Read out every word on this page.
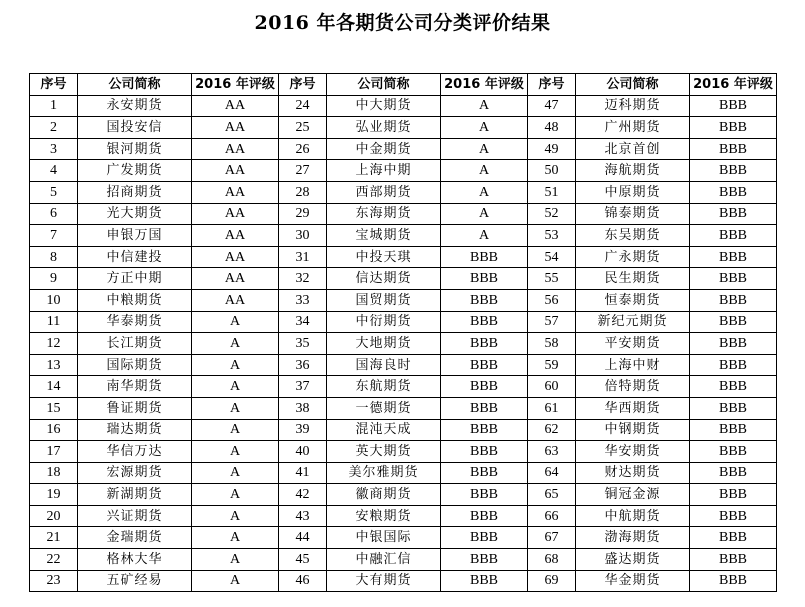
2016 年各期货公司分类评价结果
序号	公司简称	2016 年评级	序号	公司简称	2016 年评级	序号	公司简称	2016 年评级
1	永安期货	AA	24	中大期货	A	47	迈科期货	BBB
2	国投安信	AA	25	弘业期货	A	48	广州期货	BBB
3	银河期货	AA	26	中金期货	A	49	北京首创	BBB
4	广发期货	AA	27	上海中期	A	50	海航期货	BBB
5	招商期货	AA	28	西部期货	A	51	中原期货	BBB
6	光大期货	AA	29	东海期货	A	52	锦泰期货	BBB
7	申银万国	AA	30	宝城期货	A	53	东吴期货	BBB
8	中信建投	AA	31	中投天琪	BBB	54	广永期货	BBB
9	方正中期	AA	32	信达期货	BBB	55	民生期货	BBB
10	中粮期货	AA	33	国贸期货	BBB	56	恒泰期货	BBB
11	华泰期货	A	34	中衍期货	BBB	57	新纪元期货	BBB
12	长江期货	A	35	大地期货	BBB	58	平安期货	BBB
13	国际期货	A	36	国海良时	BBB	59	上海中财	BBB
14	南华期货	A	37	东航期货	BBB	60	倍特期货	BBB
15	鲁证期货	A	38	一德期货	BBB	61	华西期货	BBB
16	瑞达期货	A	39	混沌天成	BBB	62	中钢期货	BBB
17	华信万达	A	40	英大期货	BBB	63	华安期货	BBB
18	宏源期货	A	41	美尔雅期货	BBB	64	财达期货	BBB
19	新湖期货	A	42	徽商期货	BBB	65	铜冠金源	BBB
20	兴证期货	A	43	安粮期货	BBB	66	中航期货	BBB
21	金瑞期货	A	44	中银国际	BBB	67	渤海期货	BBB
22	格林大华	A	45	中融汇信	BBB	68	盛达期货	BBB
23	五矿经易	A	46	大有期货	BBB	69	华金期货	BBB
